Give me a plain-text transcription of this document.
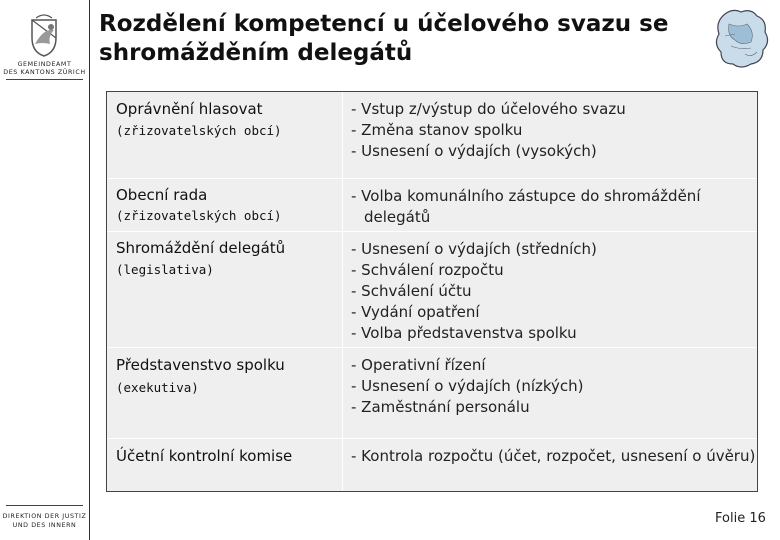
GEMEINDEAMT
DES KANTONS ZÜRICH
DIREKTION DER JUSTIZ
UND DES INNERN
Rozdělení kompetencí u účelového svazu se shromážděním delegátů
Oprávnění hlasovat
(zřizovatelských obcí)
- Vstup z/výstup do účelového svazu
- Změna stanov spolku
- Usnesení o výdajích (vysokých)
Obecní rada
(zřizovatelských obcí)
- Volba komunálního zástupce do shromáždění delegátů
Shromáždění delegátů
(legislativa)
- Usnesení o výdajích (středních)
- Schválení rozpočtu
- Schválení účtu
- Vydání opatření
- Volba představenstva spolku
Představenstvo spolku
(exekutiva)
- Operativní řízení
- Usnesení o výdajích (nízkých)
- Zaměstnání personálu
Účetní kontrolní komise	- Kontrola rozpočtu (účet, rozpočet, usnesení o úvěru)
Folie 16
